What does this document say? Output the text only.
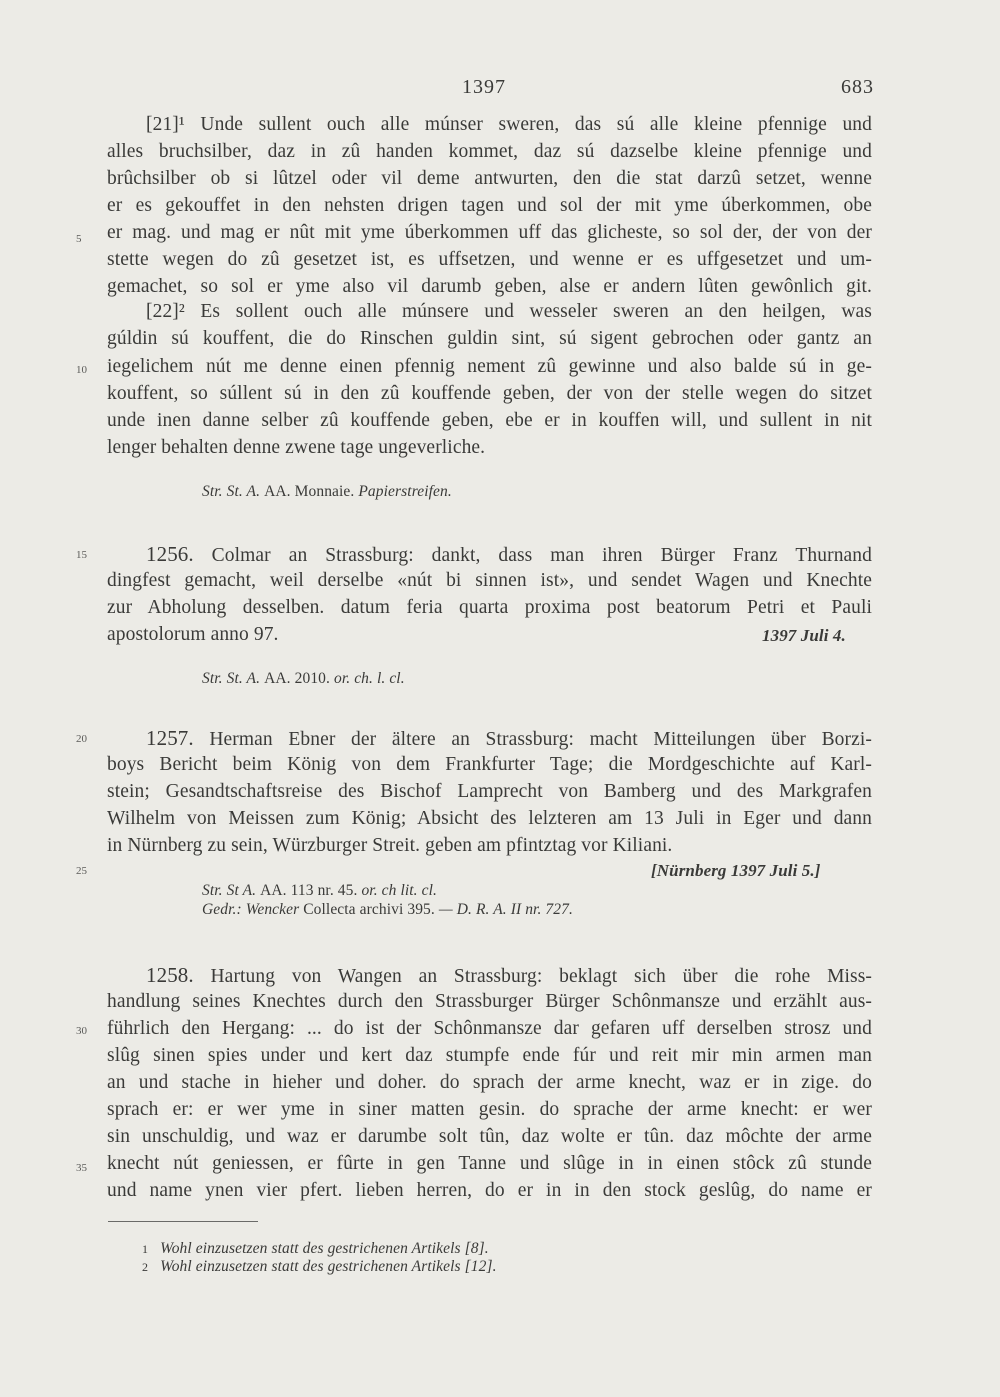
1397	683
5
10
15
20
25
30
35
[21]¹ Unde sullent ouch alle múnser sweren, das sú alle kleine pfennige und
alles bruchsilber, daz in zû handen kommet, daz sú dazselbe kleine pfennige und
brûchsilber ob si lûtzel oder vil deme antwurten, den die stat darzû setzet, wenne
er es gekouffet in den nehsten drigen tagen und sol der mit yme úberkommen, obe
er mag. und mag er nût mit yme úberkommen uff das glicheste, so sol der, der von der
stette wegen do zû gesetzet ist, es uffsetzen, und wenne er es uffgesetzet und um-
gemachet, so sol er yme also vil darumb geben, alse er andern lûten gewônlich git.
[22]² Es sollent ouch alle múnsere und wesseler sweren an den heilgen, was
gúldin sú kouffent, die do Rinschen guldin sint, sú sigent gebrochen oder gantz an
iegelichem nút me denne einen pfennig nement zû gewinne und also balde sú in ge-
kouffent, so súllent sú in den zû kouffende geben, der von der stelle wegen do sitzet
unde inen danne selber zû kouffende geben, ebe er in kouffen will, und sullent in nit
lenger behalten denne zwene tage ungeverliche.
Str. St. A. AA. Monnaie. Papierstreifen.
1256. Colmar an Strassburg: dankt, dass man ihren Bürger Franz Thurnand
dingfest gemacht, weil derselbe «nút bi sinnen ist», und sendet Wagen und Knechte
zur Abholung desselben. datum feria quarta proxima post beatorum Petri et Pauli
apostolorum anno 97.	1397 Juli 4.
Str. St. A. AA. 2010. or. ch. l. cl.
1257. Herman Ebner der ältere an Strassburg: macht Mitteilungen über Borzi-
boys Bericht beim König von dem Frankfurter Tage; die Mordgeschichte auf Karl-
stein; Gesandtschaftsreise des Bischof Lamprecht von Bamberg und des Markgrafen
Wilhelm von Meissen zum König; Absicht des lelzteren am 13 Juli in Eger und dann
in Nürnberg zu sein, Würzburger Streit. geben am pfintztag vor Kiliani.
[Nürnberg 1397 Juli 5.]
Str. St A. AA. 113 nr. 45. or. ch lit. cl.
Gedr.: Wencker Collecta archivi 395. — D. R. A. II nr. 727.
1258. Hartung von Wangen an Strassburg: beklagt sich über die rohe Miss-
handlung seines Knechtes durch den Strassburger Bürger Schônmansze und erzählt aus-
führlich den Hergang: ... do ist der Schônmansze dar gefaren uff derselben strosz und
slûg sinen spies under und kert daz stumpfe ende fúr und reit mir min armen man
an und stache in hieher und doher. do sprach der arme knecht, waz er in zige. do
sprach er: er wer yme in siner matten gesin. do sprache der arme knecht: er wer
sin unschuldig, und waz er darumbe solt tûn, daz wolte er tûn. daz môchte der arme
knecht nút geniessen, er fûrte in gen Tanne und slûge in in einen stôck zû stunde
und name ynen vier pfert. lieben herren, do er in in den stock geslûg, do name er
1 Wohl einzusetzen statt des gestrichenen Artikels [8].
2 Wohl einzusetzen statt des gestrichenen Artikels [12].
